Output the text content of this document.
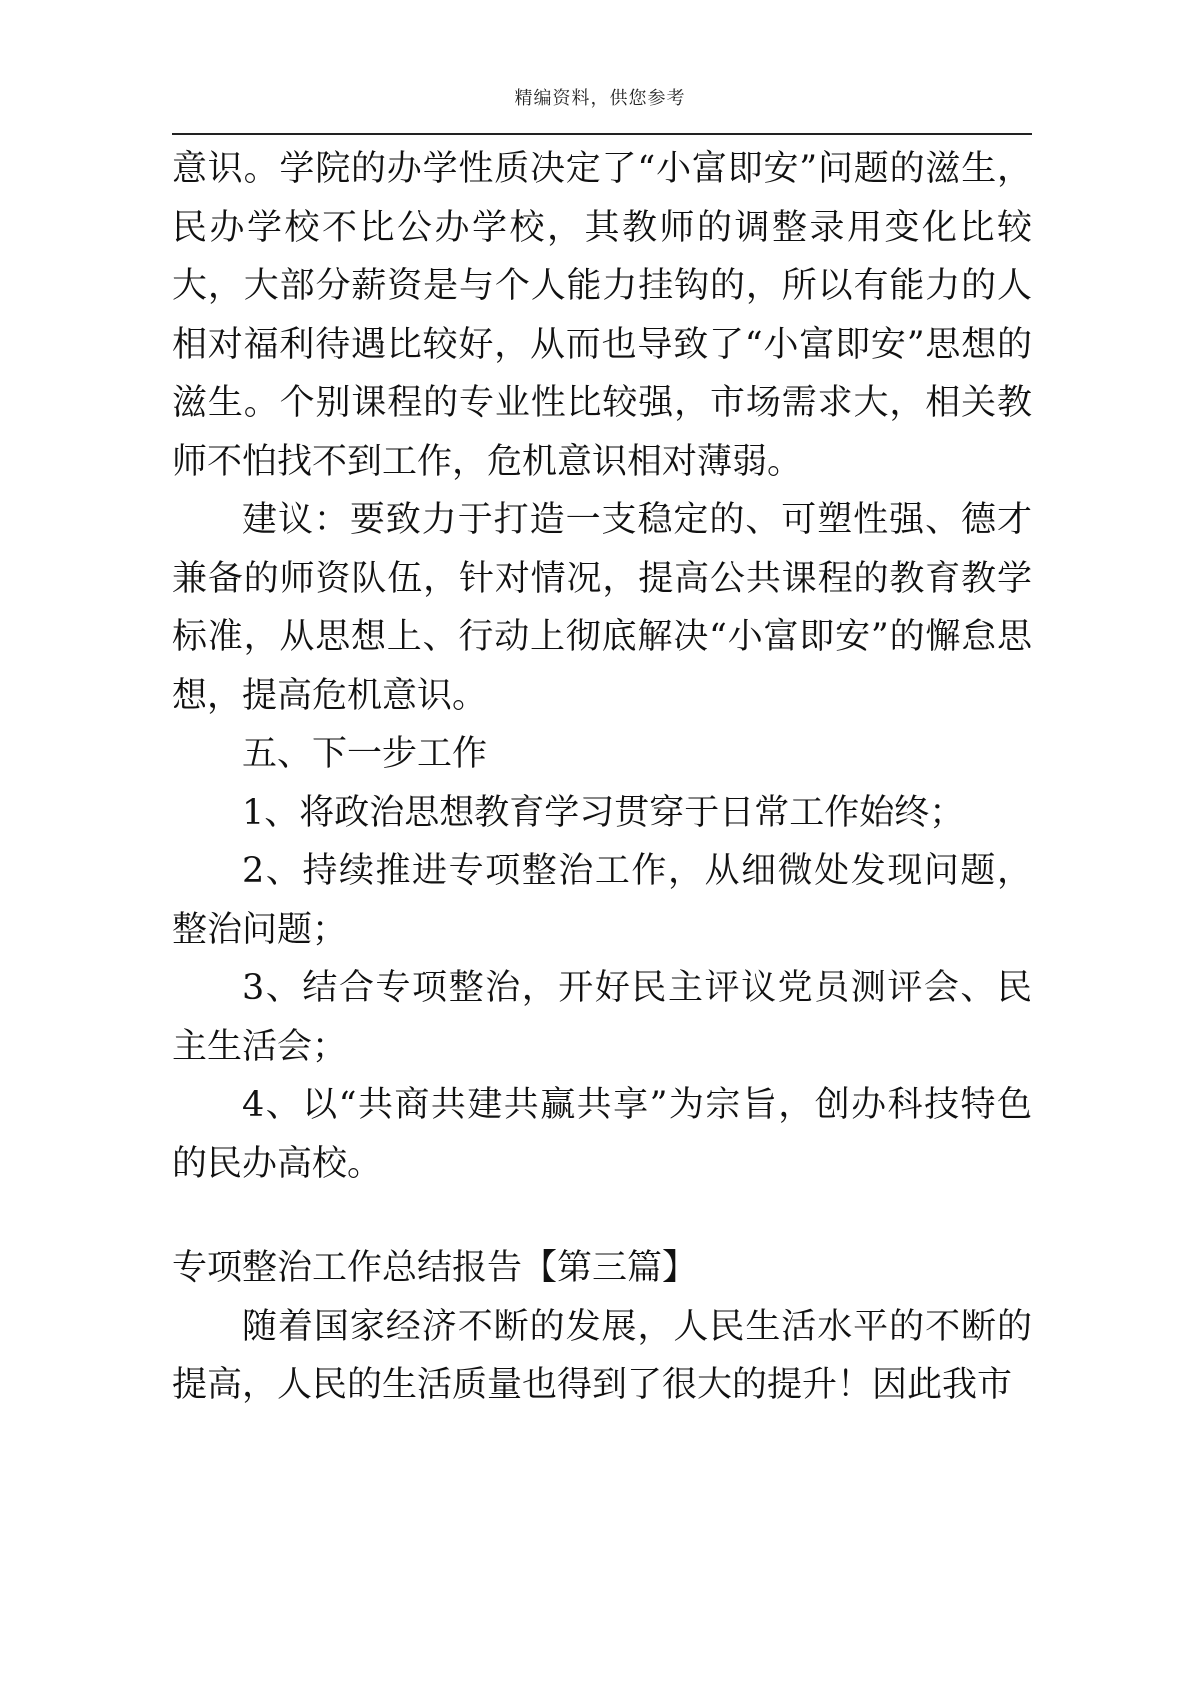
精编资料，供您参考

意识。学院的办学性质决定了“小富即安”问题的滋生，民办学校不比公办学校，其教师的调整录用变化比较大，大部分薪资是与个人能力挂钩的，所以有能力的人相对福利待遇比较好，从而也导致了“小富即安”思想的滋生。个别课程的专业性比较强，市场需求大，相关教师不怕找不到工作，危机意识相对薄弱。

建议：要致力于打造一支稳定的、可塑性强、德才兼备的师资队伍，针对情况，提高公共课程的教育教学标准，从思想上、行动上彻底解决“小富即安”的懈怠思想，提高危机意识。

五、下一步工作

1、将政治思想教育学习贯穿于日常工作始终；

2、持续推进专项整治工作，从细微处发现问题，整治问题；

3、结合专项整治，开好民主评议党员测评会、民主生活会；

4、以“共商共建共赢共享”为宗旨，创办科技特色的民办高校。

专项整治工作总结报告【第三篇】

随着国家经济不断的发展，人民生活水平的不断的提高，人民的生活质量也得到了很大的提升！因此我市
